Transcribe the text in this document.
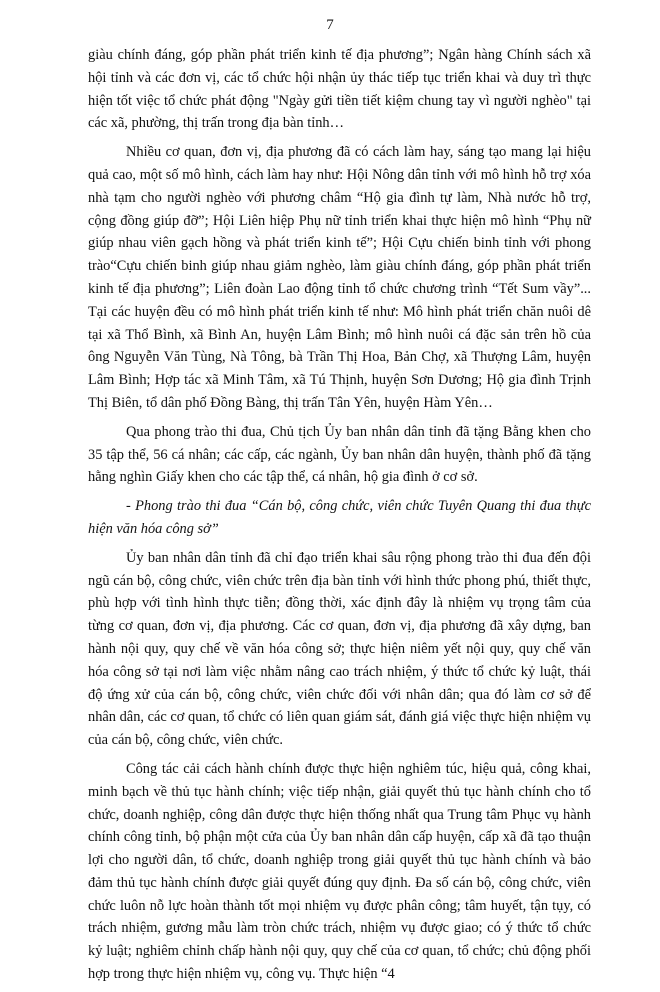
7

giàu chính đáng, góp phần phát triển kinh tế địa phương”; Ngân hàng Chính sách xã hội tỉnh và các đơn vị, các tổ chức hội nhận ủy thác tiếp tục triển khai và duy trì thực hiện tốt việc tổ chức phát động "Ngày gửi tiền tiết kiệm chung tay vì người nghèo" tại các xã, phường, thị trấn trong địa bàn tỉnh…

Nhiều cơ quan, đơn vị, địa phương đã có cách làm hay, sáng tạo mang lại hiệu quả cao, một số mô hình, cách làm hay như: Hội Nông dân tỉnh với mô hình hỗ trợ xóa nhà tạm cho người nghèo với phương châm “Hộ gia đình tự làm, Nhà nước hỗ trợ, cộng đồng giúp đỡ”; Hội Liên hiệp Phụ nữ tỉnh triển khai thực hiện mô hình “Phụ nữ giúp nhau viên gạch hồng và phát triển kinh tế”; Hội Cựu chiến binh tỉnh với phong trào“Cựu chiến binh giúp nhau giảm nghèo, làm giàu chính đáng, góp phần phát triển kinh tế địa phương”; Liên đoàn Lao động tỉnh tổ chức chương trình “Tết Sum vầy”... Tại các huyện đều có mô hình phát triển kinh tế như: Mô hình phát triển chăn nuôi dê tại xã Thổ Bình, xã Bình An, huyện Lâm Bình; mô hình nuôi cá đặc sản trên hồ của ông Nguyễn Văn Tùng, Nà Tông, bà Trần Thị Hoa, Bản Chợ, xã Thượng Lâm, huyện Lâm Bình; Hợp tác xã Minh Tâm, xã Tú Thịnh, huyện Sơn Dương; Hộ gia đình Trịnh Thị Biên, tổ dân phố Đồng Bàng, thị trấn Tân Yên, huyện Hàm Yên…

Qua phong trào thi đua, Chủ tịch Ủy ban nhân dân tỉnh đã tặng Bằng khen cho 35 tập thể, 56 cá nhân; các cấp, các ngành, Ủy ban nhân dân huyện, thành phố đã tặng hằng nghìn Giấy khen cho các tập thể, cá nhân, hộ gia đình ở cơ sở.

- Phong trào thi đua “Cán bộ, công chức, viên chức Tuyên Quang thi đua thực hiện văn hóa công sở”

Ủy ban nhân dân tỉnh đã chỉ đạo triển khai sâu rộng phong trào thi đua đến đội ngũ cán bộ, công chức, viên chức trên địa bàn tỉnh với hình thức phong phú, thiết thực, phù hợp với tình hình thực tiễn; đồng thời, xác định đây là nhiệm vụ trọng tâm của từng cơ quan, đơn vị, địa phương. Các cơ quan, đơn vị, địa phương đã xây dựng, ban hành nội quy, quy chế về văn hóa công sở; thực hiện niêm yết nội quy, quy chế văn hóa công sở tại nơi làm việc nhằm nâng cao trách nhiệm, ý thức tổ chức kỷ luật, thái độ ứng xử của cán bộ, công chức, viên chức đối với nhân dân; qua đó làm cơ sở để nhân dân, các cơ quan, tổ chức có liên quan giám sát, đánh giá việc thực hiện nhiệm vụ của cán bộ, công chức, viên chức.

Công tác cải cách hành chính được thực hiện nghiêm túc, hiệu quả, công khai, minh bạch về thủ tục hành chính; việc tiếp nhận, giải quyết thủ tục hành chính cho tổ chức, doanh nghiệp, công dân được thực hiện thống nhất qua Trung tâm Phục vụ hành chính công tỉnh, bộ phận một cửa của Ủy ban nhân dân cấp huyện, cấp xã đã tạo thuận lợi cho người dân, tổ chức, doanh nghiệp trong giải quyết thủ tục hành chính và bảo đảm thủ tục hành chính được giải quyết đúng quy định. Đa số cán bộ, công chức, viên chức luôn nỗ lực hoàn thành tốt mọi nhiệm vụ được phân công; tâm huyết, tận tụy, có trách nhiệm, gương mẫu làm tròn chức trách, nhiệm vụ được giao; có ý thức tổ chức kỷ luật; nghiêm chỉnh chấp hành nội quy, quy chế của cơ quan, tổ chức; chủ động phối hợp trong thực hiện nhiệm vụ, công vụ. Thực hiện “4
